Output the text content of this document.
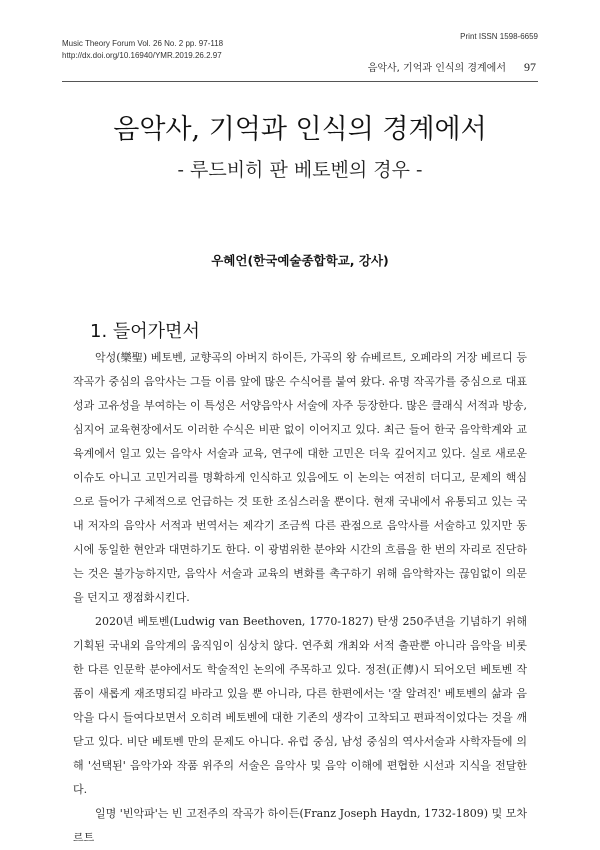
Music Theory Forum Vol. 26 No. 2 pp. 97-118
http://dx.doi.org/10.16940/YMR.2019.26.2.97
Print ISSN 1598-6659
음악사, 기억과 인식의 경계에서 97
음악사, 기억과 인식의 경계에서
- 루드비히 판 베토벤의 경우 -
우혜언(한국예술종합학교, 강사)
1. 들어가면서

악성(樂聖) 베토벤, 교향곡의 아버지 하이든, 가곡의 왕 슈베르트, 오페라의 거장 베르디 등 작곡가 중심의 음악사는 그들 이름 앞에 많은 수식어를 붙여 왔다. 유명 작곡가를 중심으로 대표성과 고유성을 부여하는 이 특성은 서양음악사 서술에 자주 등장한다. 많은 클래식 서적과 방송, 심지어 교육현장에서도 이러한 수식은 비판 없이 이어지고 있다. 최근 들어 한국 음악학계와 교육계에서 일고 있는 음악사 서술과 교육, 연구에 대한 고민은 더욱 깊어지고 있다. 실로 새로운 이슈도 아니고 고민거리를 명확하게 인식하고 있음에도 이 논의는 여전히 더디고, 문제의 핵심으로 들어가 구체적으로 언급하는 것 또한 조심스러울 뿐이다. 현재 국내에서 유통되고 있는 국내 저자의 음악사 서적과 번역서는 제각기 조금씩 다른 관점으로 음악사를 서술하고 있지만 동시에 동일한 현안과 대면하기도 한다. 이 광범위한 분야와 시간의 흐름을 한 번의 자리로 진단하는 것은 불가능하지만, 음악사 서술과 교육의 변화를 촉구하기 위해 음악학자는 끊임없이 의문을 던지고 쟁점화시킨다.

2020년 베토벤(Ludwig van Beethoven, 1770-1827) 탄생 250주년을 기념하기 위해 기획된 국내외 음악계의 움직임이 심상치 않다. 연주회 개최와 서적 출판뿐 아니라 음악을 비롯한 다른 인문학 분야에서도 학술적인 논의에 주목하고 있다. 정전(正傳)시 되어오던 베토벤 작품이 새롭게 재조명되길 바라고 있을 뿐 아니라, 다른 한편에서는 '잘 알려진' 베토벤의 삶과 음악을 다시 들여다보면서 오히려 베토벤에 대한 기존의 생각이 고착되고 편파적이었다는 것을 깨닫고 있다. 비단 베토벤 만의 문제도 아니다. 유럽 중심, 남성 중심의 역사서술과 사학자들에 의해 '선택된' 음악가와 작품 위주의 서술은 음악사 및 음악 이해에 편협한 시선과 지식을 전달한다.

일명 '빈악파'는 빈 고전주의 작곡가 하이든(Franz Joseph Haydn, 1732-1809) 및 모차르트
